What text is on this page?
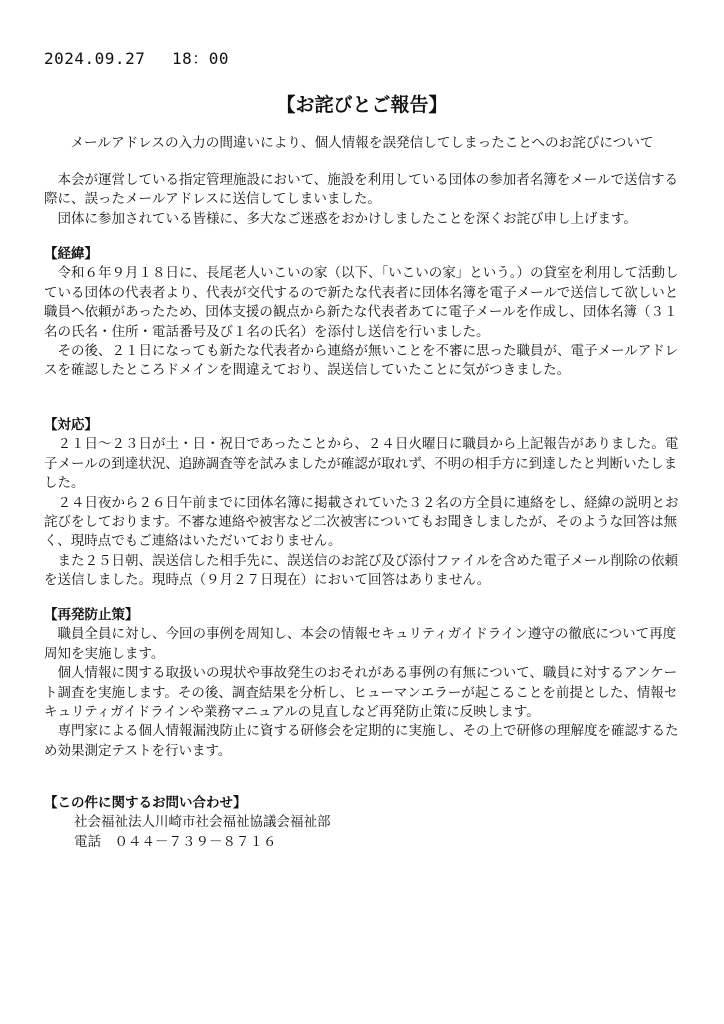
2024.09.27　 18：00
【お詫びとご報告】
メールアドレスの入力の間違いにより、個人情報を誤発信してしまったことへのお詫びについて

本会が運営している指定管理施設において、施設を利用している団体の参加者名簿をメールで送信する際に、誤ったメールアドレスに送信してしまいました。

団体に参加されている皆様に、多大なご迷惑をおかけしましたことを深くお詫び申し上げます。

【経緯】

令和６年９月１８日に、長尾老人いこいの家（以下、「いこいの家」という。）の貸室を利用して活動している団体の代表者より、代表が交代するので新たな代表者に団体名簿を電子メールで送信して欲しいと職員へ依頼があったため、団体支援の観点から新たな代表者あてに電子メールを作成し、団体名簿（３１名の氏名・住所・電話番号及び１名の氏名）を添付し送信を行いました。

その後、２１日になっても新たな代表者から連絡が無いことを不審に思った職員が、電子メールアドレスを確認したところドメインを間違えており、誤送信していたことに気がつきました。

【対応】

２１日～２３日が土・日・祝日であったことから、２４日火曜日に職員から上記報告がありました。電子メールの到達状況、追跡調査等を試みましたが確認が取れず、不明の相手方に到達したと判断いたしました。

２４日夜から２６日午前までに団体名簿に掲載されていた３２名の方全員に連絡をし、経緯の説明とお詫びをしております。不審な連絡や被害など二次被害についてもお聞きしましたが、そのような回答は無く、現時点でもご連絡はいただいておりません。

また２５日朝、誤送信した相手先に、誤送信のお詫び及び添付ファイルを含めた電子メール削除の依頼を送信しました。現時点（９月２７日現在）において回答はありません。

【再発防止策】

職員全員に対し、今回の事例を周知し、本会の情報セキュリティガイドライン遵守の徹底について再度周知を実施します。

個人情報に関する取扱いの現状や事故発生のおそれがある事例の有無について、職員に対するアンケート調査を実施します。その後、調査結果を分析し、ヒューマンエラーが起こることを前提とした、情報セキュリティガイドラインや業務マニュアルの見直しなど再発防止策に反映します。

専門家による個人情報漏洩防止に資する研修会を定期的に実施し、その上で研修の理解度を確認するため効果測定テストを行います。

【この件に関するお問い合わせ】
社会福祉法人川崎市社会福祉協議会福祉部
電話　０４４－７３９－８７１６
